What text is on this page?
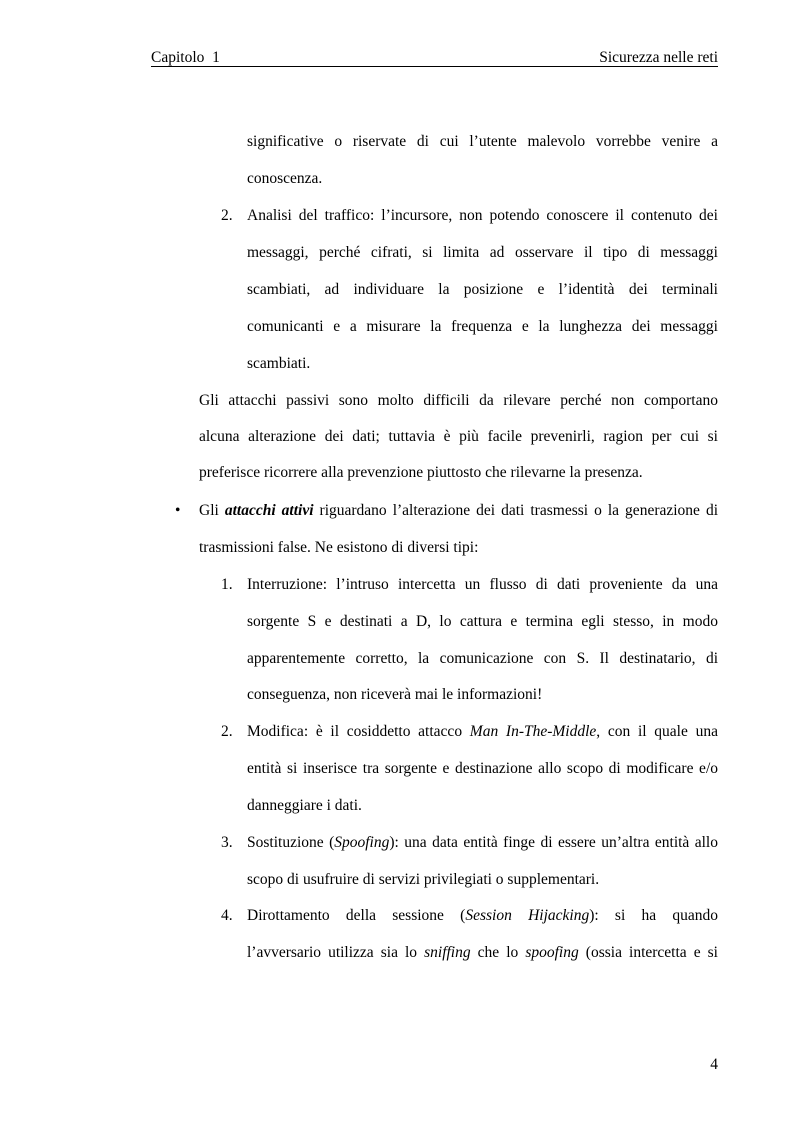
Capitolo  1	Sicurezza nelle reti
significative o riservate di cui l’utente malevolo vorrebbe venire a
conoscenza.
2. Analisi del traffico: l’incursore, non potendo conoscere il contenuto dei
messaggi, perché cifrati, si limita ad osservare il tipo di messaggi
scambiati, ad individuare la posizione e l’identità dei terminali
comunicanti e a misurare la frequenza e la lunghezza dei messaggi
scambiati.
Gli attacchi passivi sono molto difficili da rilevare perché non comportano
alcuna alterazione dei dati; tuttavia è più facile prevenirli, ragion per cui si
preferisce ricorrere alla prevenzione piuttosto che rilevarne la presenza.
• Gli attacchi attivi riguardano l’alterazione dei dati trasmessi o la generazione di
trasmissioni false. Ne esistono di diversi tipi:
1. Interruzione: l’intruso intercetta un flusso di dati proveniente da una
sorgente S e destinati a D, lo cattura e termina egli stesso, in modo
apparentemente corretto, la comunicazione con S. Il destinatario, di
conseguenza, non riceverà mai le informazioni!
2. Modifica: è il cosiddetto attacco Man In-The-Middle, con il quale una
entità si inserisce tra sorgente e destinazione allo scopo di modificare e/o
danneggiare i dati.
3. Sostituzione (Spoofing): una data entità finge di essere un’altra entità allo
scopo di usufruire di servizi privilegiati o supplementari.
4. Dirottamento della sessione (Session Hijacking): si ha quando
l’avversario utilizza sia lo sniffing che lo spoofing (ossia intercetta e si
4
